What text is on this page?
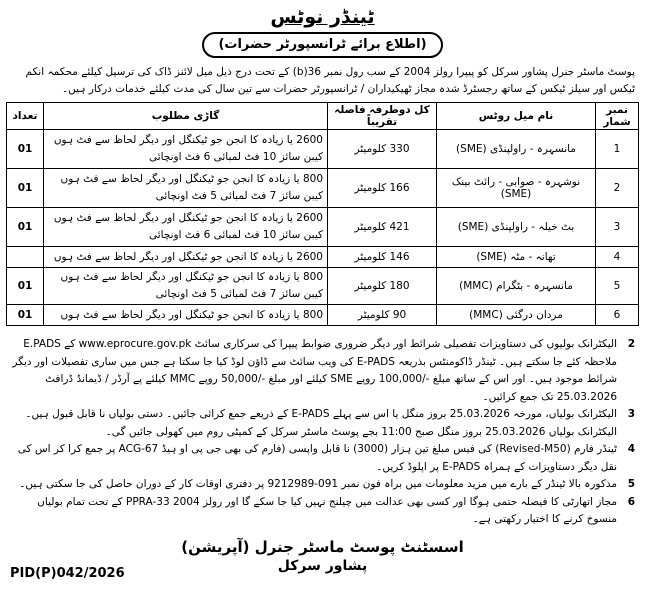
ٹینڈر نوٹس
(اطلاع برائے ٹرانسپورٹر حضرات)
پوسٹ ماسٹر جنرل پشاور سرکل کو پیپرا رولز 2004 کے سب رول نمبر 36(b) کے تحت درج ذیل میل لائنز ڈاک کی ترسیل کیلئے محکمہ انکم ٹیکس اور سیلز ٹیکس کے ساتھ رجسٹرڈ شدہ مجاز ٹھیکیداران / ٹرانسپورٹر حضرات سے تین سال کی مدت کیلئے خدمات درکار ہیں۔
نمبر شمار	نام میل روٹس	کل دوطرفہ فاصلہ تقریباً	گاڑی مطلوب	تعداد
1	مانسہرہ - راولپنڈی (SME)	330 کلومیٹر	2600 یا زیادہ کا انجن جو ٹیکنگل اور دیگر لحاظ سے فٹ ہوں کیبن سائز 10 فٹ لمبائی 6 فٹ اونچائی	01
2	نوشہرہ - صوابی - رائٹ بینک (SME)	166 کلومیٹر	800 یا زیادہ کا انجن جو ٹیکنگل اور دیگر لحاظ سے فٹ ہوں کیبن سائز 7 فٹ لمبائی 5 فٹ اونچائی	01
3	بٹ خیلہ - راولپنڈی (SME)	421 کلومیٹر	2600 یا زیادہ کا انجن جو ٹیکنگل اور دیگر لحاظ سے فٹ ہوں کیبن سائز 10 فٹ لمبائی 6 فٹ اونچائی	01
4	تھانہ - مٹہ (SME)	146 کلومیٹر	2600 یا زیادہ کا انجن جو ٹیکنگل اور دیگر لحاظ سے فٹ ہوں	
5	مانسہرہ - بٹگرام (MMC)	180 کلومیٹر	800 یا زیادہ کا انجن جو ٹیکنگل اور دیگر لحاظ سے فٹ ہوں کیبن سائز 7 فٹ لمبائی 5 فٹ اونچائی	01
6	مردان درگئی (MMC)	90 کلومیٹر	800 یا زیادہ کا انجن جو ٹیکنگل اور دیگر لحاظ سے فٹ ہوں	01
2
الیکٹرانک بولیوں کی دستاویزات تفصیلی شرائط اور دیگر ضروری ضوابط پیپرا کی سرکاری سائٹ www.eprocure.gov.pk کے E.PADS ملاحظہ کئے جا سکتے ہیں۔ ٹینڈر ڈاکومنٹس بذریعہ E-PADS کی ویب سائٹ سے ڈاؤن لوڈ کیا جا سکتا ہے جس میں ساری تفصیلات اور دیگر شرائط موجود ہیں۔ اور اس کے ساتھ مبلغ -/100,000 روپے SME کیلئے اور مبلغ -/50,000 روپے MMC کیلئے پے آرڈر / ڈیمانڈ ڈرافٹ 25.03.2026 تک جمع کرائیں۔
3
الیکٹرانک بولیاں، مورخہ 25.03.2026 بروز منگل یا اس سے پہلے E-PADS کے ذریعے جمع کرائی جائیں۔ دستی بولیاں نا قابل قبول ہیں۔ الیکٹرانک بولیاں 25.03.2026 بروز منگل صبح 11:00 بجے پوسٹ ماسٹر سرکل کے کمیٹی روم میں کھولی جائیں گی۔
4
ٹینڈر فارم (Revised-M50) کی فیس مبلغ تین ہزار (3000) نا قابل واپسی (فارم کی بھی جی پی او ہیڈ ACG-67 پر جمع کرا کر اس کی نقل دیگر دستاویزات کے ہمراہ E-PADS پر اپلوڈ کریں۔
5
مذکورہ بالا ٹینڈر کے بارے میں مزید معلومات میں براہ فون نمبر 091-9212989 پر دفتری اوقات کار کے دوران حاصل کی جا سکتی ہیں۔
6
مجاز اتھارٹی کا فیصلہ حتمی ہوگا اور کسی بھی عدالت میں چیلنج نہیں کیا جا سکے گا اور رولز 2004 PPRA-33 کے تحت تمام بولیاں منسوخ کرنے کا اختیار رکھتی ہے۔
اسسٹنٹ پوسٹ ماسٹر جنرل (آپریشن)
پشاور سرکل
PID(P)042/2026
